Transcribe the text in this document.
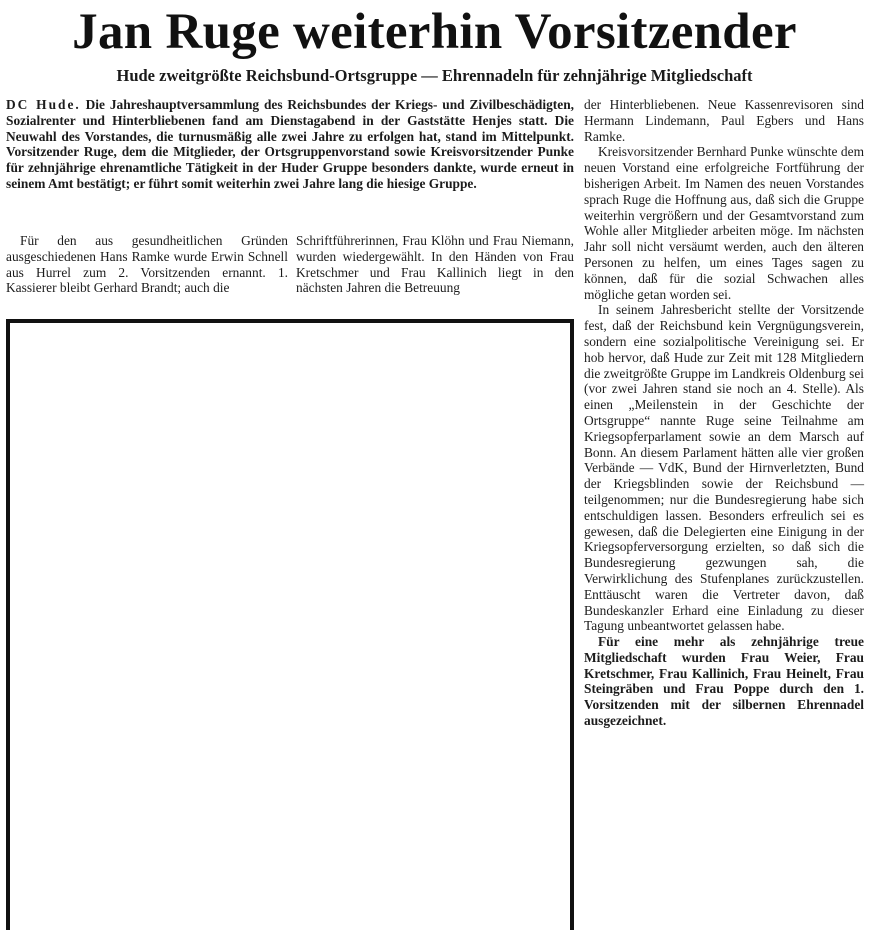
Jan Ruge weiterhin Vorsitzender
Hude zweitgrößte Reichsbund-Ortsgruppe — Ehrennadeln für zehnjährige Mitgliedschaft

DC Hude. Die Jahreshauptversammlung des Reichsbundes der Kriegs- und Zivilbeschädigten, Sozialrenter und Hinterbliebenen fand am Dienstagabend in der Gaststätte Henjes statt. Die Neuwahl des Vorstandes, die turnusmäßig alle zwei Jahre zu erfolgen hat, stand im Mittelpunkt. Vorsitzender Ruge, dem die Mitglieder, der Ortsgruppenvorstand sowie Kreisvorsitzender Punke für zehnjährige ehrenamtliche Tätigkeit in der Huder Gruppe besonders dankte, wurde erneut in seinem Amt bestätigt; er führt somit weiterhin zwei Jahre lang die hiesige Gruppe.

Für den aus gesundheitlichen Gründen ausgeschiedenen Hans Ramke wurde Erwin Schnell aus Hurrel zum 2. Vorsitzenden ernannt. 1. Kassierer bleibt Gerhard Brandt; auch die

Schriftführerinnen, Frau Klöhn und Frau Niemann, wurden wiedergewählt. In den Händen von Frau Kretschmer und Frau Kallinich liegt in den nächsten Jahren die Betreuung

der Hinterbliebenen. Neue Kassenrevisoren sind Hermann Lindemann, Paul Egbers und Hans Ramke.

Kreisvorsitzender Bernhard Punke wünschte dem neuen Vorstand eine erfolgreiche Fortführung der bisherigen Arbeit. Im Namen des neuen Vorstandes sprach Ruge die Hoffnung aus, daß sich die Gruppe weiterhin vergrößern und der Gesamtvorstand zum Wohle aller Mitglieder arbeiten möge. Im nächsten Jahr soll nicht versäumt werden, auch den älteren Personen zu helfen, um eines Tages sagen zu können, daß für die sozial Schwachen alles mögliche getan worden sei.

In seinem Jahresbericht stellte der Vorsitzende fest, daß der Reichsbund kein Vergnügungsverein, sondern eine sozialpolitische Vereinigung sei. Er hob hervor, daß Hude zur Zeit mit 128 Mitgliedern die zweitgrößte Gruppe im Landkreis Oldenburg sei (vor zwei Jahren stand sie noch an 4. Stelle). Als einen „Meilenstein in der Geschichte der Ortsgruppe“ nannte Ruge seine Teilnahme am Kriegsopferparlament sowie an dem Marsch auf Bonn. An diesem Parlament hätten alle vier großen Verbände — VdK, Bund der Hirnverletzten, Bund der Kriegsblinden sowie der Reichsbund — teilgenommen; nur die Bundesregierung habe sich entschuldigen lassen. Besonders erfreulich sei es gewesen, daß die Delegierten eine Einigung in der Kriegsopferversorgung erzielten, so daß sich die Bundesregierung gezwungen sah, die Verwirklichung des Stufenplanes zurückzustellen. Enttäuscht waren die Vertreter davon, daß Bundeskanzler Erhard eine Einladung zu dieser Tagung unbeantwortet gelassen habe.

Für eine mehr als zehnjährige treue Mitgliedschaft wurden Frau Weier, Frau Kretschmer, Frau Kallinich, Frau Heinelt, Frau Steingräben und Frau Poppe durch den 1. Vorsitzenden mit der silbernen Ehrennadel ausgezeichnet.
